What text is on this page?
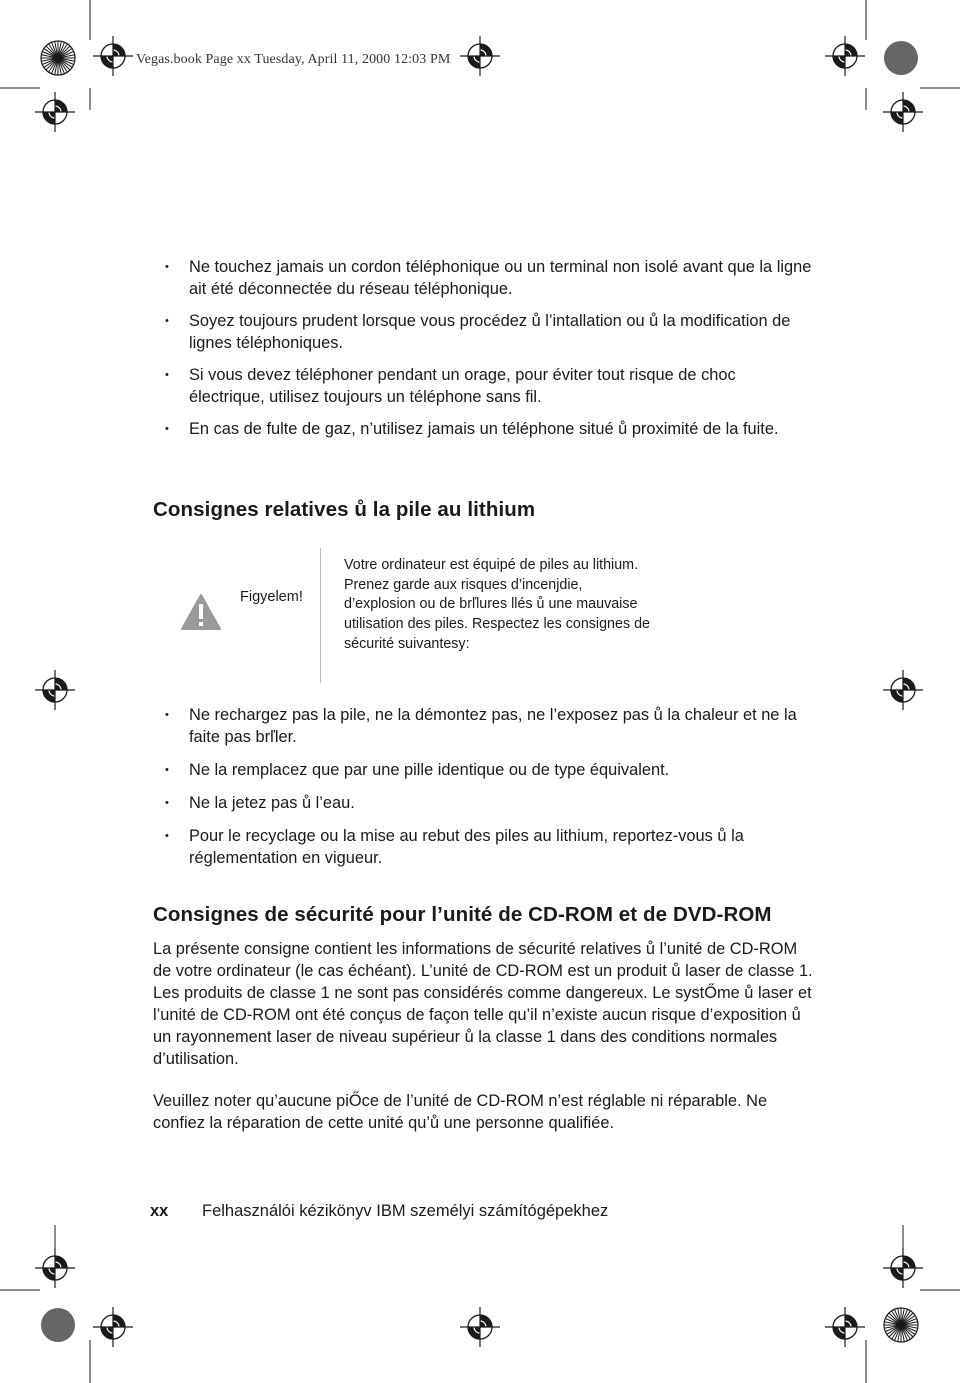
Vegas.book Page xx Tuesday, April 11, 2000 12:03 PM
• Ne touchez jamais un cordon téléphonique ou un terminal non isolé avant que la ligne ait été déconnectée du réseau téléphonique.
• Soyez toujours prudent lorsque vous procédez ů l’intallation ou ů la modification de lignes téléphoniques.
• Si vous devez téléphoner pendant un orage, pour éviter tout risque de choc électrique, utilisez toujours un téléphone sans fil.
• En cas de fulte de gaz, n’utilisez jamais un téléphone situé ů proximité de la fuite.
Consignes relatives ů la pile au lithium
Figyelem!
Votre ordinateur est équipé de piles au lithium. Prenez garde aux risques d’incenjdie, d’explosion ou de brľlures llés ů une mauvaise utilisation des piles. Respectez les consignes de sécurité suivantesy:
• Ne rechargez pas la pile, ne la démontez pas, ne l’exposez pas ů la chaleur et ne la faite pas brľler.
• Ne la remplacez que par une pille identique ou de type équivalent.
• Ne la jetez pas ů l’eau.
• Pour le recyclage ou la mise au rebut des piles au lithium, reportez-vous ů la réglementation en vigueur.
Consignes de sécurité pour l’unité de CD-ROM et de DVD-ROM

La présente consigne contient les informations de sécurité relatives ů l’unité de CD-ROM de votre ordinateur (le cas échéant). L’unité de CD-ROM est un produit ů laser de classe 1. Les produits de classe 1 ne sont pas considérés comme dangereux. Le systŐme ů laser et l’unité de CD-ROM ont été conçus de façon telle qu’il n’existe aucun risque d’exposition ů un rayonnement laser de niveau supérieur ů la classe 1 dans des conditions normales d’utilisation.

Veuillez noter qu’aucune piŐce de l’unité de CD-ROM n’est réglable ni réparable. Ne confiez la réparation de cette unité qu’ů une personne qualifiée.

xx Felhasználói kézikönyv IBM személyi számítógépekhez
